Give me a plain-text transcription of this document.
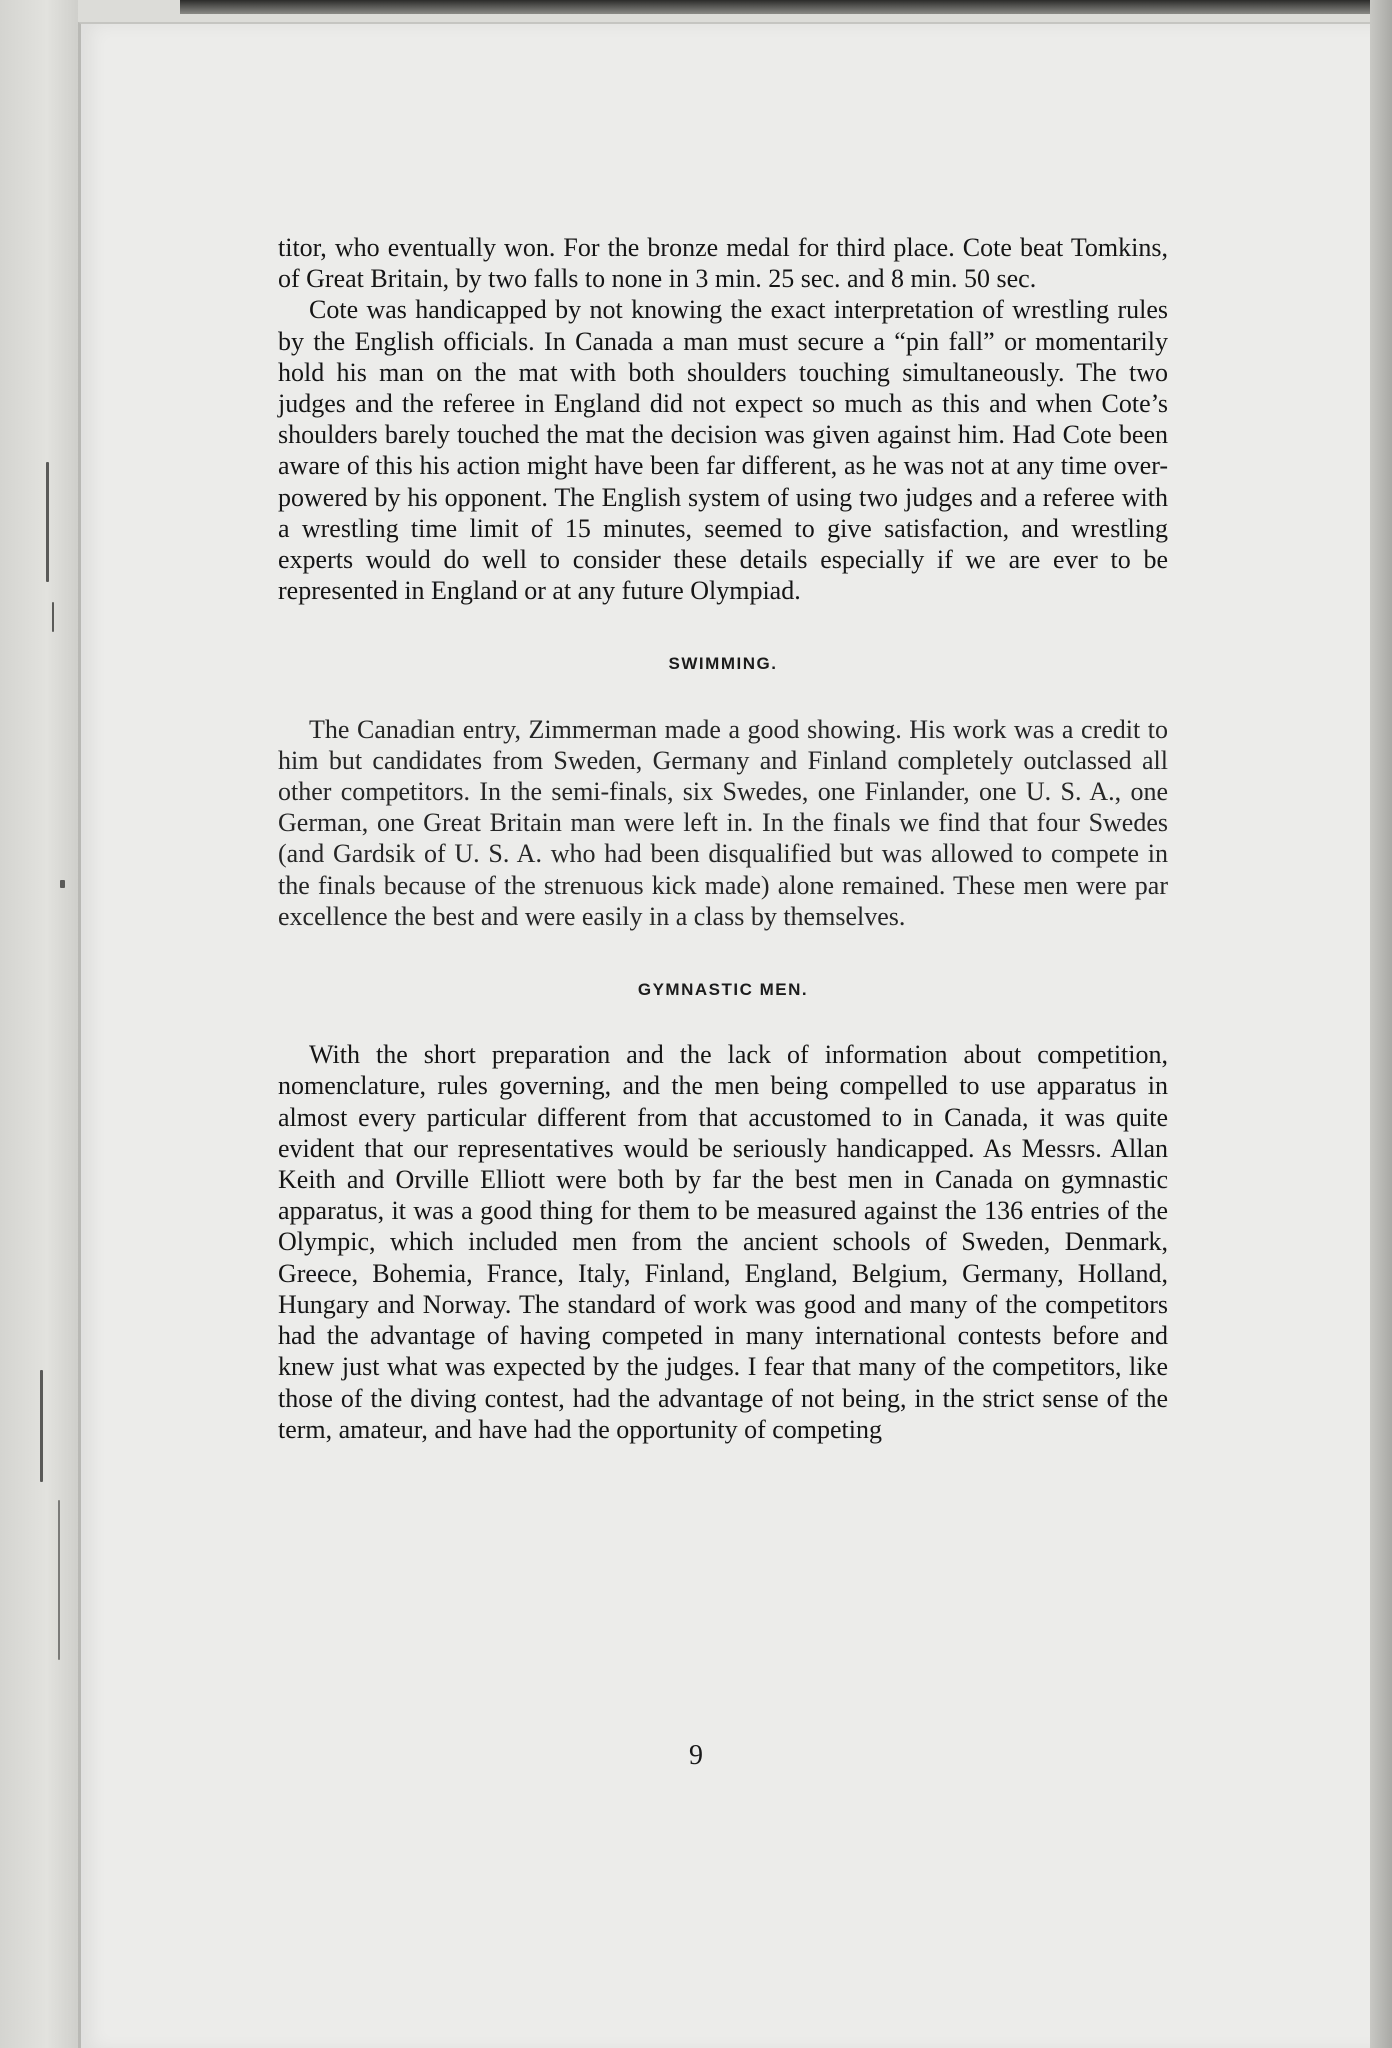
titor, who eventually won. For the bronze medal for third place. Cote beat Tomkins, of Great Britain, by two falls to none in 3 min. 25 sec. and 8 min. 50 sec.

Cote was handicapped by not knowing the exact interpretation of wrestling rules by the English officials. In Canada a man must secure a “pin fall” or momentarily hold his man on the mat with both shoulders touching simultaneously. The two judges and the referee in England did not expect so much as this and when Cote’s shoulders barely touched the mat the decision was given against him. Had Cote been aware of this his action might have been far different, as he was not at any time over-powered by his opponent. The English system of using two judges and a referee with a wrestling time limit of 15 minutes, seemed to give satisfaction, and wrestling experts would do well to consider these details especially if we are ever to be represented in England or at any future Olympiad.

SWIMMING.

The Canadian entry, Zimmerman made a good showing. His work was a credit to him but candidates from Sweden, Germany and Finland completely outclassed all other competitors. In the semi-finals, six Swedes, one Finlander, one U. S. A., one German, one Great Britain man were left in. In the finals we find that four Swedes (and Gardsik of U. S. A. who had been disqualified but was allowed to compete in the finals because of the strenuous kick made) alone remained. These men were par excellence the best and were easily in a class by themselves.

GYMNASTIC MEN.

With the short preparation and the lack of information about competition, nomenclature, rules governing, and the men being compelled to use apparatus in almost every particular different from that accustomed to in Canada, it was quite evident that our representatives would be seriously handicapped. As Messrs. Allan Keith and Orville Elliott were both by far the best men in Canada on gymnastic apparatus, it was a good thing for them to be measured against the 136 entries of the Olympic, which included men from the ancient schools of Sweden, Denmark, Greece, Bohemia, France, Italy, Finland, England, Belgium, Germany, Holland, Hungary and Norway. The standard of work was good and many of the competitors had the advantage of having competed in many international contests before and knew just what was expected by the judges. I fear that many of the competitors, like those of the diving contest, had the advantage of not being, in the strict sense of the term, amateur, and have had the opportunity of competing

9
